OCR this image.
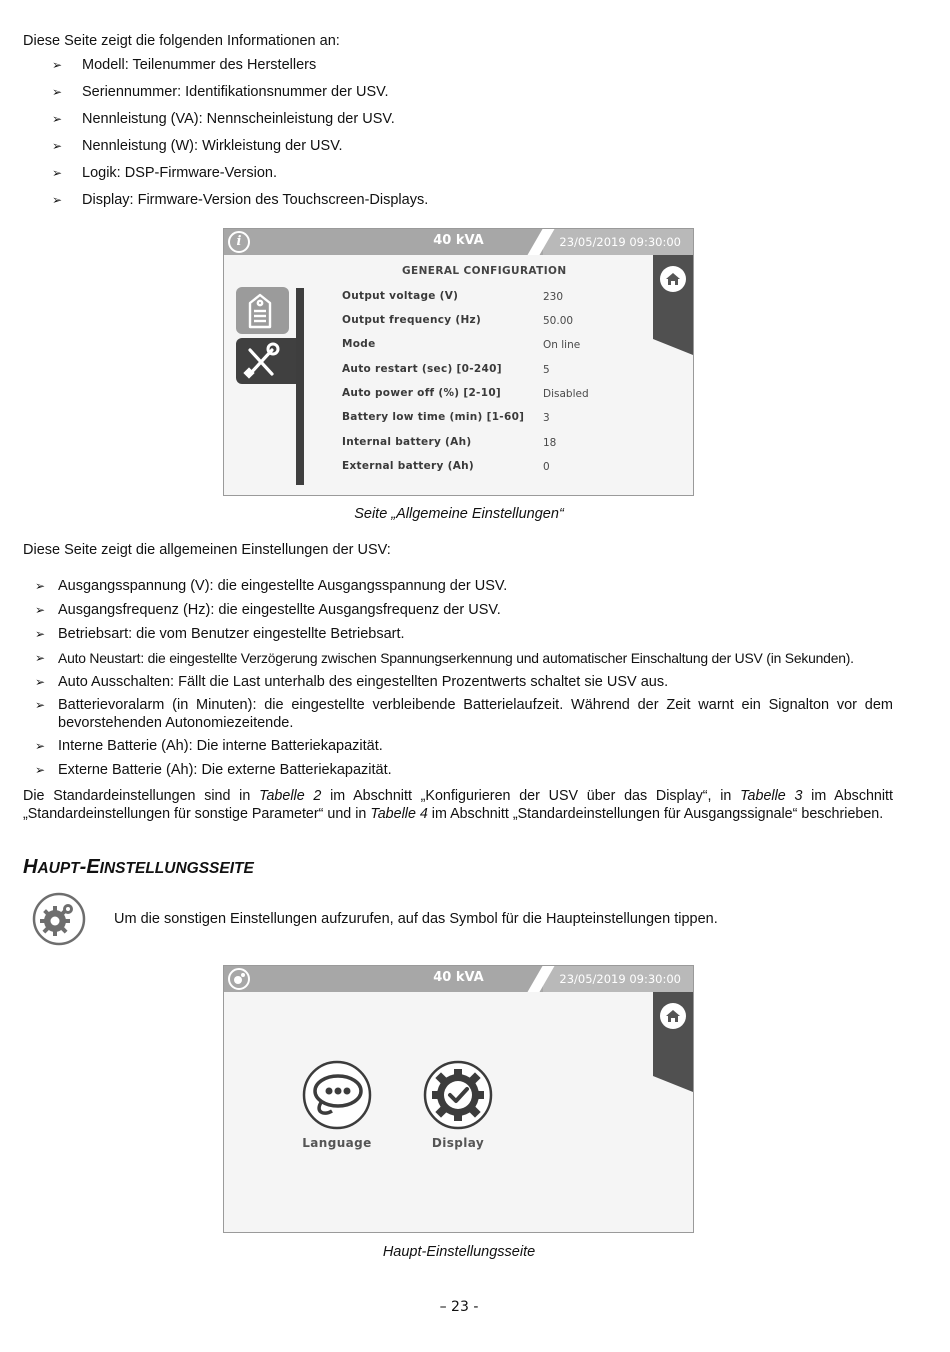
Diese Seite zeigt die folgenden Informationen an:
➢ Modell: Teilenummer des Herstellers
➢ Seriennummer: Identifikationsnummer der USV.
➢ Nennleistung (VA): Nennscheinleistung der USV.
➢ Nennleistung (W): Wirkleistung der USV.
➢ Logik: DSP-Firmware-Version.
➢ Display: Firmware-Version des Touchscreen-Displays.
i	40 kVA	23/05/2019 09:30:00
GENERAL CONFIGURATION
Output voltage (V)	230
Output frequency (Hz)	50.00
Mode	On line
Auto restart (sec) [0-240]	5
Auto power off (%) [2-10]	Disabled
Battery low time (min) [1-60] 3
Internal battery (Ah)	18
External battery (Ah)	0
Seite „Allgemeine Einstellungen“
Diese Seite zeigt die allgemeinen Einstellungen der USV:
➢ Ausgangsspannung (V): die eingestellte Ausgangsspannung der USV.
➢ Ausgangsfrequenz (Hz): die eingestellte Ausgangsfrequenz der USV.
➢ Betriebsart: die vom Benutzer eingestellte Betriebsart.
➢ Auto Neustart: die eingestellte Verzögerung zwischen Spannungserkennung und automatischer Einschaltung der USV (in Sekunden).
➢ Auto Ausschalten: Fällt die Last unterhalb des eingestellten Prozentwerts schaltet sie USV aus.
➢ Batterievoralarm (in Minuten): die eingestellte verbleibende Batterielaufzeit. Während der Zeit warnt ein Signalton vor dem bevorstehenden Autonomiezeitende.
➢ Interne Batterie (Ah): Die interne Batteriekapazität.
➢ Externe Batterie (Ah): Die externe Batteriekapazität.
Die Standardeinstellungen sind in Tabelle 2 im Abschnitt „Konfigurieren der USV über das Display“, in Tabelle 3 im Abschnitt „Standardeinstellungen für sonstige Parameter“ und in Tabelle 4 im Abschnitt „Standardeinstellungen für Ausgangssignale“ beschrieben.
HAUPT-EINSTELLUNGSSEITE
Um die sonstigen Einstellungen aufzurufen, auf das Symbol für die Haupteinstellungen tippen.
40 kVA	23/05/2019 09:30:00
Language	Display
Haupt-Einstellungsseite
– 23 -
